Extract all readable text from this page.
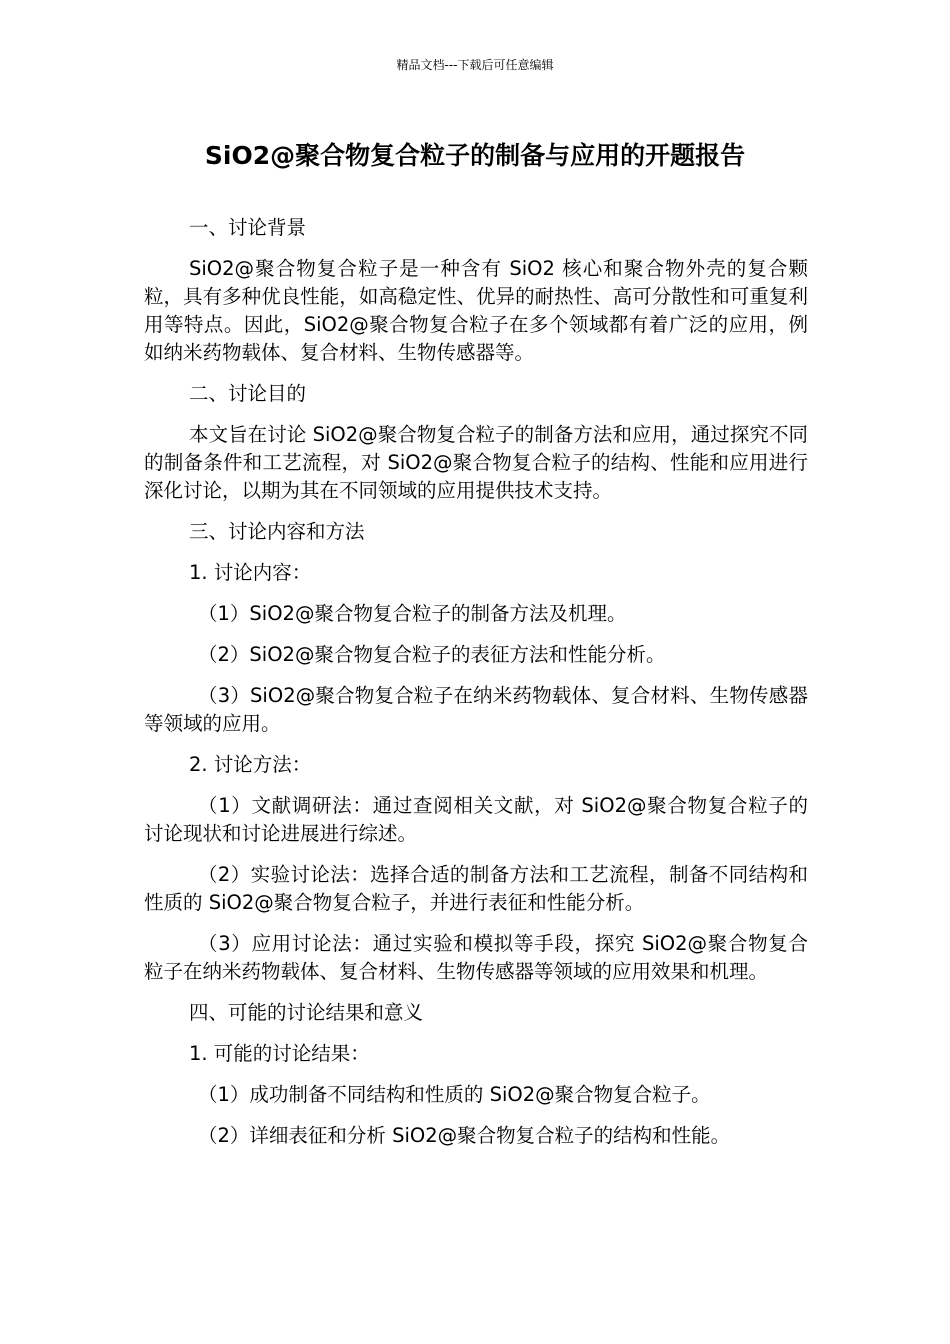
精品文档---下载后可任意编辑
SiO2@聚合物复合粒子的制备与应用的开题报告

一、讨论背景

SiO2@聚合物复合粒子是一种含有 SiO2 核心和聚合物外壳的复合颗粒，具有多种优良性能，如高稳定性、优异的耐热性、高可分散性和可重复利用等特点。因此，SiO2@聚合物复合粒子在多个领域都有着广泛的应用，例如纳米药物载体、复合材料、生物传感器等。

二、讨论目的

本文旨在讨论 SiO2@聚合物复合粒子的制备方法和应用，通过探究不同的制备条件和工艺流程，对 SiO2@聚合物复合粒子的结构、性能和应用进行深化讨论，以期为其在不同领域的应用提供技术支持。

三、讨论内容和方法

1. 讨论内容：

（1）SiO2@聚合物复合粒子的制备方法及机理。

（2）SiO2@聚合物复合粒子的表征方法和性能分析。

（3）SiO2@聚合物复合粒子在纳米药物载体、复合材料、生物传感器等领域的应用。

2. 讨论方法：

（1）文献调研法：通过查阅相关文献，对 SiO2@聚合物复合粒子的讨论现状和讨论进展进行综述。

（2）实验讨论法：选择合适的制备方法和工艺流程，制备不同结构和性质的 SiO2@聚合物复合粒子，并进行表征和性能分析。

（3）应用讨论法：通过实验和模拟等手段，探究 SiO2@聚合物复合粒子在纳米药物载体、复合材料、生物传感器等领域的应用效果和机理。

四、可能的讨论结果和意义

1. 可能的讨论结果：

（1）成功制备不同结构和性质的 SiO2@聚合物复合粒子。

（2）详细表征和分析 SiO2@聚合物复合粒子的结构和性能。
